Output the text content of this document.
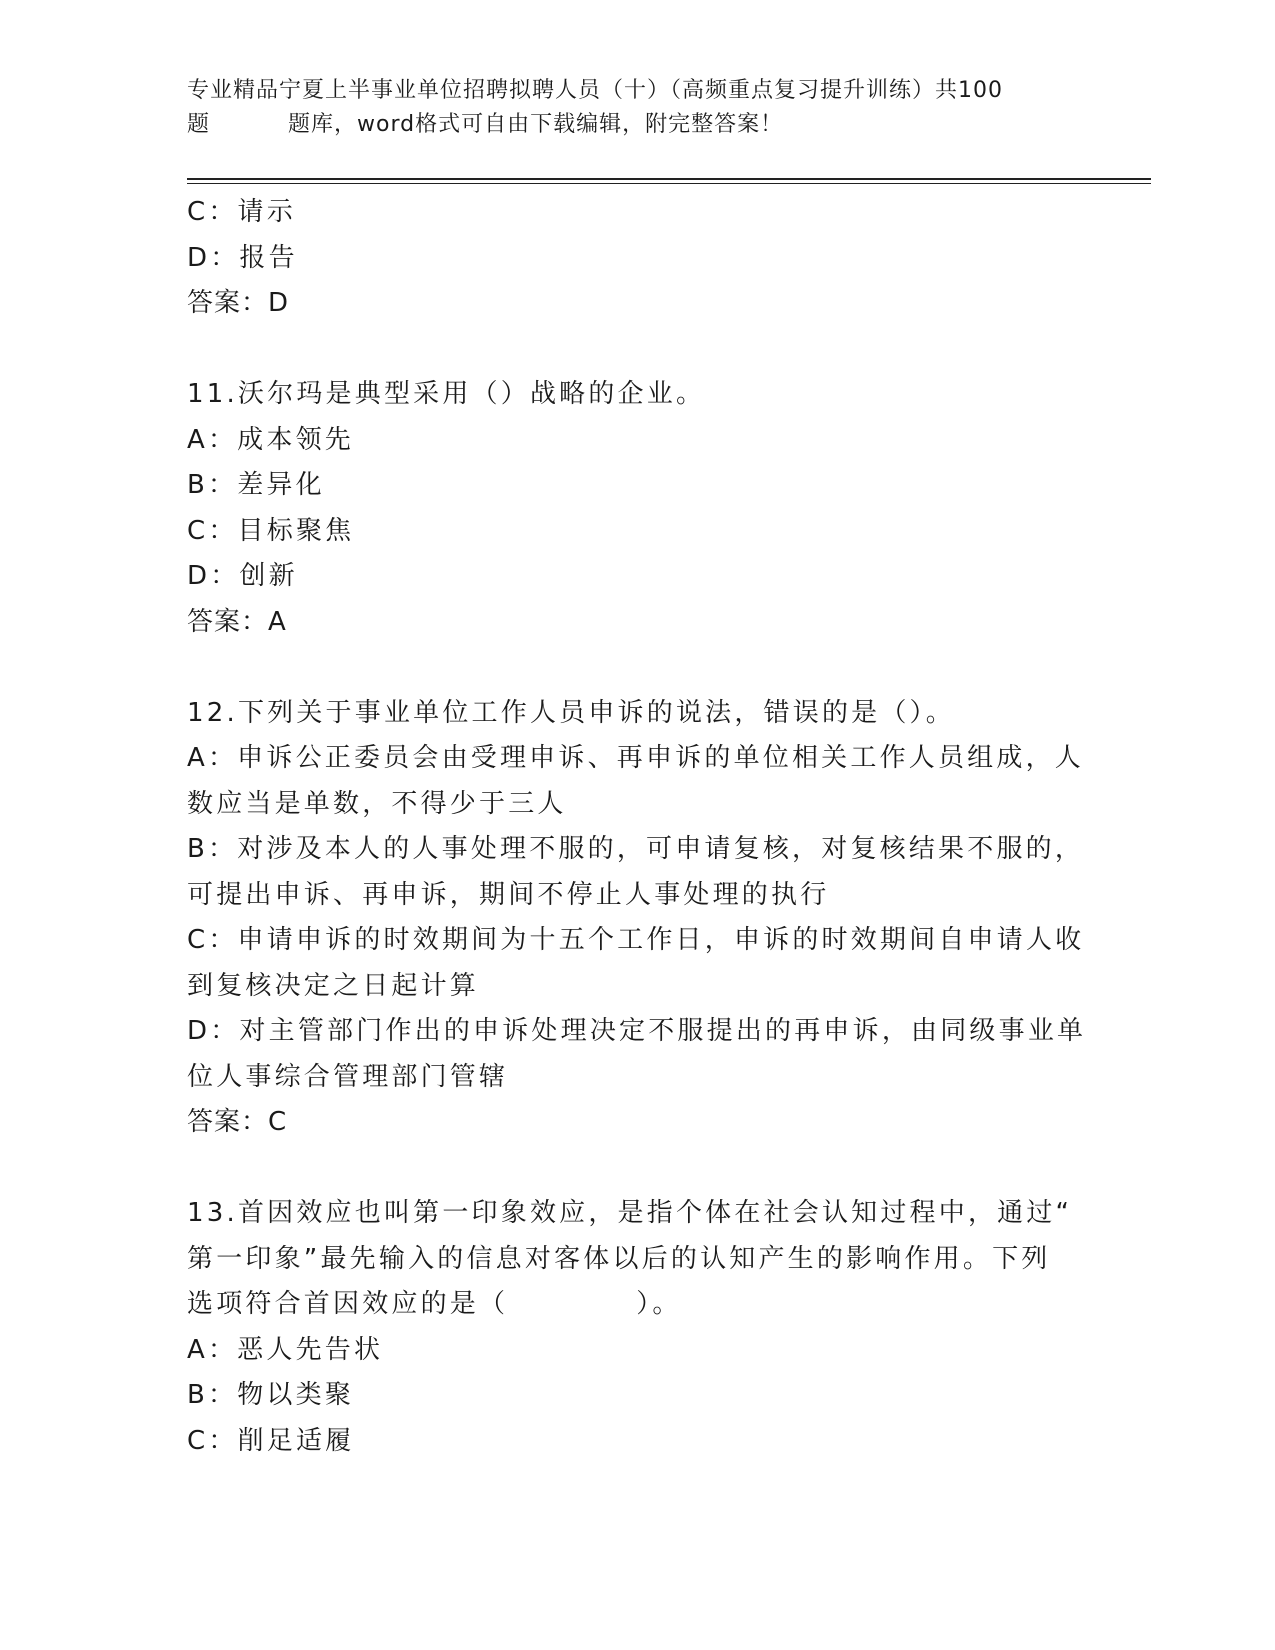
专业精品宁夏上半事业单位招聘拟聘人员（十）（高频重点复习提升训练）共100
题	题库，word格式可自由下载编辑，附完整答案！
C：请示
D：报告
答案：D
11.沃尔玛是典型采用（）战略的企业。
A：成本领先
B：差异化
C：目标聚焦
D：创新
答案：A
12.下列关于事业单位工作人员申诉的说法，错误的是（）。
A：申诉公正委员会由受理申诉、再申诉的单位相关工作人员组成，人
数应当是单数，不得少于三人
B：对涉及本人的人事处理不服的，可申请复核，对复核结果不服的，
可提出申诉、再申诉，期间不停止人事处理的执行
C：申请申诉的时效期间为十五个工作日，申诉的时效期间自申请人收
到复核决定之日起计算
D：对主管部门作出的申诉处理决定不服提出的再申诉，由同级事业单
位人事综合管理部门管辖
答案：C
13.首因效应也叫第一印象效应，是指个体在社会认知过程中，通过“
第一印象”最先输入的信息对客体以后的认知产生的影响作用。下列
选项符合首因效应的是（	）。
A：恶人先告状
B：物以类聚
C：削足适履
